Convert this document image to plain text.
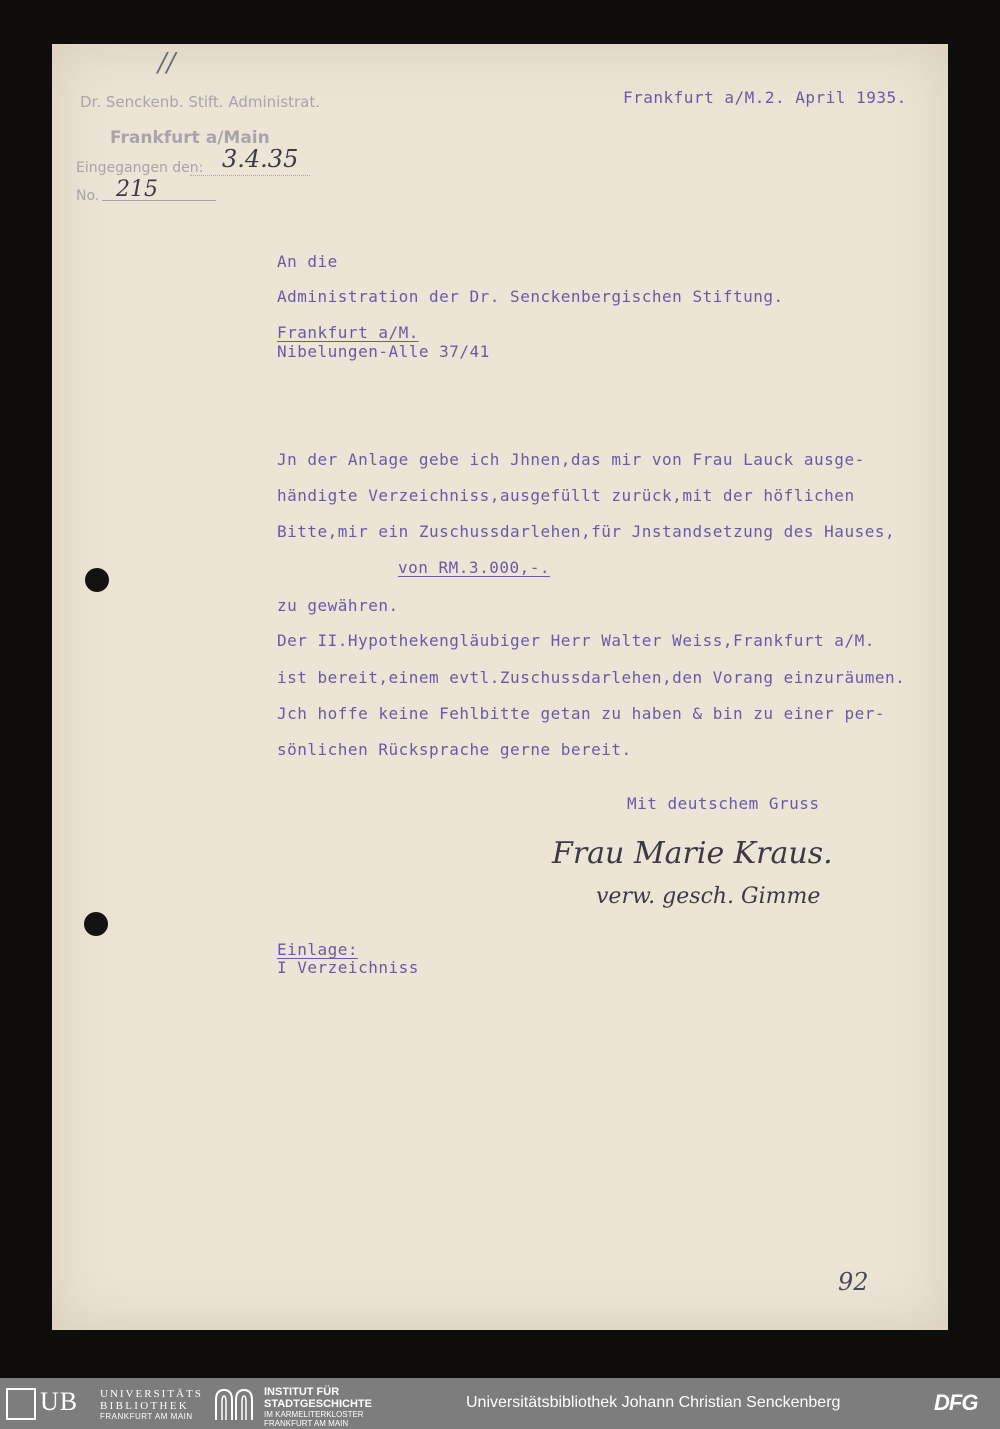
//
Dr. Senckenb. Stift. Administrat.
Frankfurt a/Main
Eingegangen den: 3.4.35
No. 215
Frankfurt a/M.2. April 1935.
An die
Administration der Dr. Senckenbergischen Stiftung.
Frankfurt a/M.
Nibelungen-Alle 37/41
Jn der Anlage gebe ich Jhnen,das mir von Frau Lauck ausge-
händigte Verzeichniss,ausgefüllt zurück,mit der höflichen
Bitte,mir ein Zuschussdarlehen,für Jnstandsetzung des Hauses,
von RM.3.000,-.
zu gewähren.
Der II.Hypothekengläubiger Herr Walter Weiss,Frankfurt a/M.
ist bereit,einem evtl.Zuschussdarlehen,den Vorang einzuräumen.
Jch hoffe keine Fehlbitte getan zu haben & bin zu einer per-
sönlichen Rücksprache gerne bereit.
Mit deutschem Gruss
Frau Marie Kraus.
verw. gesch. Gimme
Einlage:
I Verzeichniss
92
UB UNIVERSITÄTS
BIBLIOTHEK
FRANKFURT AM MAIN
INSTITUT FÜR
STADTGESCHICHTE
IM KARMELITERKLOSTER
FRANKFURT AM MAIN
Universitätsbibliothek Johann Christian Senckenberg	DFG
